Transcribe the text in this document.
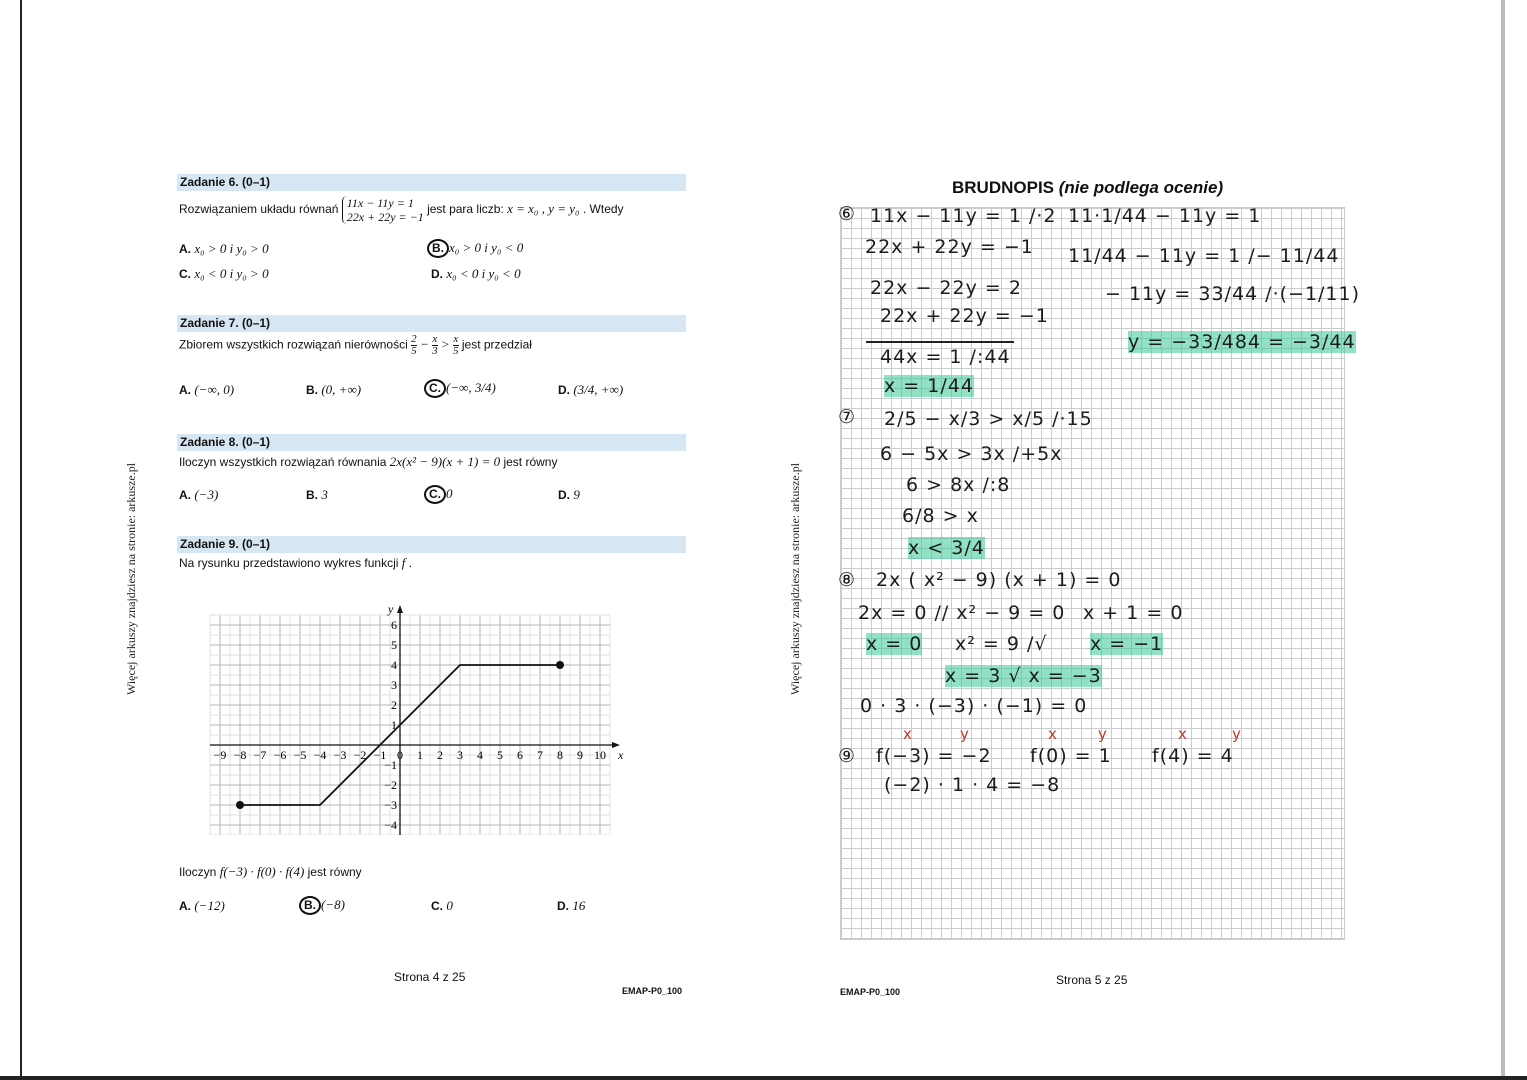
Więcej arkuszy znajdziesz na stronie: arkusze.pl
Zadanie 6. (0–1)
Rozwiązaniem układu równań 11x − 11y = 1
22x + 22y = −1 jest para liczb: x = x₀ , y = y₀ . Wtedy
A. x₀ > 0 i y₀ > 0	B. x₀ > 0 i y₀ < 0
C. x₀ < 0 i y₀ > 0	D. x₀ < 0 i y₀ < 0
Zadanie 7. (0–1)
Zbiorem wszystkich rozwiązań nierówności $\frac{2}{5} - \frac{x}{3} > \frac{x}{5}$ jest przedział
A. (−∞, 0)	B. (0, +∞)	C. (−∞, 3/4)	D. (3/4, +∞)
Zadanie 8. (0–1)
Iloczyn wszystkich rozwiązań równania 2x(x² − 9)(x + 1) = 0 jest równy
A. (−3)	B. 3	C. 0	D. 9
Zadanie 9. (0–1)
Na rysunku przedstawiono wykres funkcji f .
x
y
−9 −8 −7 −6 −5 −4 −3 −2 −1 0 1 2 3 4 5 6 7 8 9 10
6
5
4
3
2
1
−1
−2
−3
−4
Iloczyn f(−3) · f(0) · f(4) jest równy
A. (−12)	B. (−8)	C. 0	D. 16
Strona 4 z 25
EMAP-P0_100
Więcej arkuszy znajdziesz na stronie: arkusze.pl
BRUDNOPIS (nie podlega ocenie)
⑥ 11x − 11y = 1 /·2
22x + 22y = −1
22x − 22y = 2
22x + 22y = −1
44x = 1 /:44
x = 1/44
11·1/44 − 11y = 1
11/44 − 11y = 1 /− 11/44
− 11y = 33/44 /·(−1/11)
y = −33/484 = −3/44
⑦ 2/5 − x/3 > x/5 /·15
6 − 5x > 3x /+5x
6 > 8x /:8
6/8 > x
x < 3/4
⑧ 2x ( x² − 9) (x + 1) = 0
2x = 0 // x² − 9 = 0 x + 1 = 0
x = 0 x² = 9 /√ x = −1
x = 3 √ x = −3
0 · 3 · (−3) · (−1) = 0
x	y	x	y	x	y
⑨ f(−3) = −2 f(0) = 1 f(4) = 4
(−2) · 1 · 4 = −8
Strona 5 z 25
EMAP-P0_100
